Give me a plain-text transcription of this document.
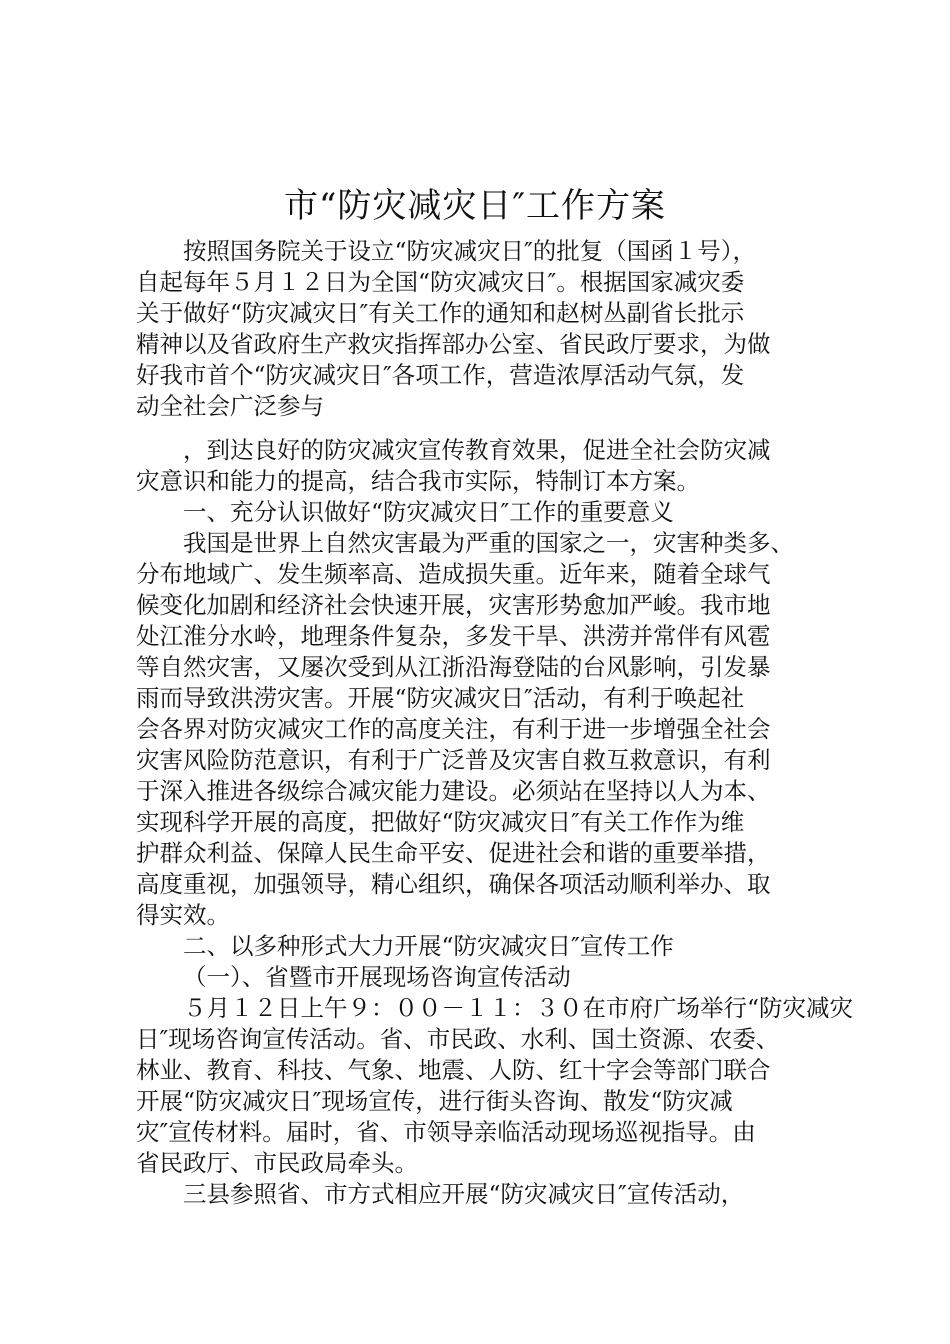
市“防灾减灾日″工作方案
按照国务院关于设立“防灾减灾日″的批复（国函１号），
自起每年５月１２日为全国“防灾减灾日″。根据国家减灾委
关于做好“防灾减灾日″有关工作的通知和赵树丛副省长批示
精神以及省政府生产救灾指挥部办公室、省民政厅要求，为做
好我市首个“防灾减灾日″各项工作，营造浓厚活动气氛，发
动全社会广泛参与
，到达良好的防灾减灾宣传教育效果，促进全社会防灾减
灾意识和能力的提高，结合我市实际，特制订本方案。
一、充分认识做好“防灾减灾日″工作的重要意义
我国是世界上自然灾害最为严重的国家之一，灾害种类多、
分布地域广、发生频率高、造成损失重。近年来，随着全球气
候变化加剧和经济社会快速开展，灾害形势愈加严峻。我市地
处江淮分水岭，地理条件复杂，多发干旱、洪涝并常伴有风雹
等自然灾害，又屡次受到从江浙沿海登陆的台风影响，引发暴
雨而导致洪涝灾害。开展“防灾减灾日″活动，有利于唤起社
会各界对防灾减灾工作的高度关注，有利于进一步增强全社会
灾害风险防范意识，有利于广泛普及灾害自救互救意识，有利
于深入推进各级综合减灾能力建设。必须站在坚持以人为本、
实现科学开展的高度，把做好“防灾减灾日″有关工作作为维
护群众利益、保障人民生命平安、促进社会和谐的重要举措，
高度重视，加强领导，精心组织，确保各项活动顺利举办、取
得实效。
二、以多种形式大力开展“防灾减灾日″宣传工作
（一）、省暨市开展现场咨询宣传活动
５月１２日上午９：００－１１：３０在市府广场举行“防灾减灾
日″现场咨询宣传活动。省、市民政、水利、国土资源、农委、
林业、教育、科技、气象、地震、人防、红十字会等部门联合
开展“防灾减灾日″现场宣传，进行街头咨询、散发“防灾减
灾″宣传材料。届时，省、市领导亲临活动现场巡视指导。由
省民政厅、市民政局牵头。
三县参照省、市方式相应开展“防灾减灾日″宣传活动，
